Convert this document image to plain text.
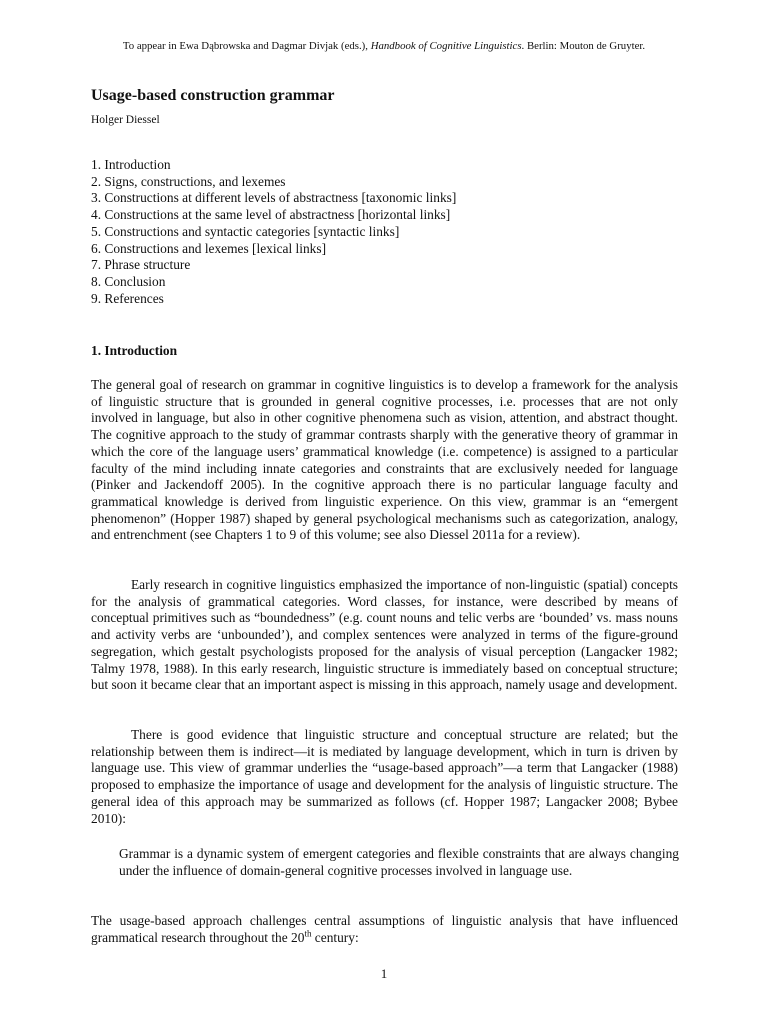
To appear in Ewa Dąbrowska and Dagmar Divjak (eds.), Handbook of Cognitive Linguistics. Berlin: Mouton de Gruyter.
Usage-based construction grammar
Holger Diessel
1. Introduction
2. Signs, constructions, and lexemes
3. Constructions at different levels of abstractness [taxonomic links]
4. Constructions at the same level of abstractness [horizontal links]
5. Constructions and syntactic categories [syntactic links]
6. Constructions and lexemes [lexical links]
7. Phrase structure
8. Conclusion
9. References
1. Introduction

The general goal of research on grammar in cognitive linguistics is to develop a framework for the analysis of linguistic structure that is grounded in general cognitive processes, i.e. processes that are not only involved in language, but also in other cognitive phenomena such as vision, attention, and abstract thought. The cognitive approach to the study of grammar contrasts sharply with the generative theory of grammar in which the core of the language users’ grammatical knowledge (i.e. competence) is assigned to a particular faculty of the mind including innate categories and constraints that are exclusively needed for language (Pinker and Jackendoff 2005). In the cognitive approach there is no particular language faculty and grammatical knowledge is derived from linguistic experience. On this view, grammar is an “emergent phenomenon” (Hopper 1987) shaped by general psychological mechanisms such as categorization, analogy, and entrenchment (see Chapters 1 to 9 of this volume; see also Diessel 2011a for a review).

Early research in cognitive linguistics emphasized the importance of non-linguistic (spatial) concepts for the analysis of grammatical categories. Word classes, for instance, were described by means of conceptual primitives such as “boundedness” (e.g. count nouns and telic verbs are ‘bounded’ vs. mass nouns and activity verbs are ‘unbounded’), and complex sentences were analyzed in terms of the figure-ground segregation, which gestalt psychologists proposed for the analysis of visual perception (Langacker 1982; Talmy 1978, 1988). In this early research, linguistic structure is immediately based on conceptual structure; but soon it became clear that an important aspect is missing in this approach, namely usage and development.

There is good evidence that linguistic structure and conceptual structure are related; but the relationship between them is indirect—it is mediated by language development, which in turn is driven by language use. This view of grammar underlies the “usage-based approach”—a term that Langacker (1988) proposed to emphasize the importance of usage and development for the analysis of linguistic structure. The general idea of this approach may be summarized as follows (cf. Hopper 1987; Langacker 2008; Bybee 2010):

Grammar is a dynamic system of emergent categories and flexible constraints that are always changing under the influence of domain-general cognitive processes involved in language use.

The usage-based approach challenges central assumptions of linguistic analysis that have influenced grammatical research throughout the 20th century:

1
